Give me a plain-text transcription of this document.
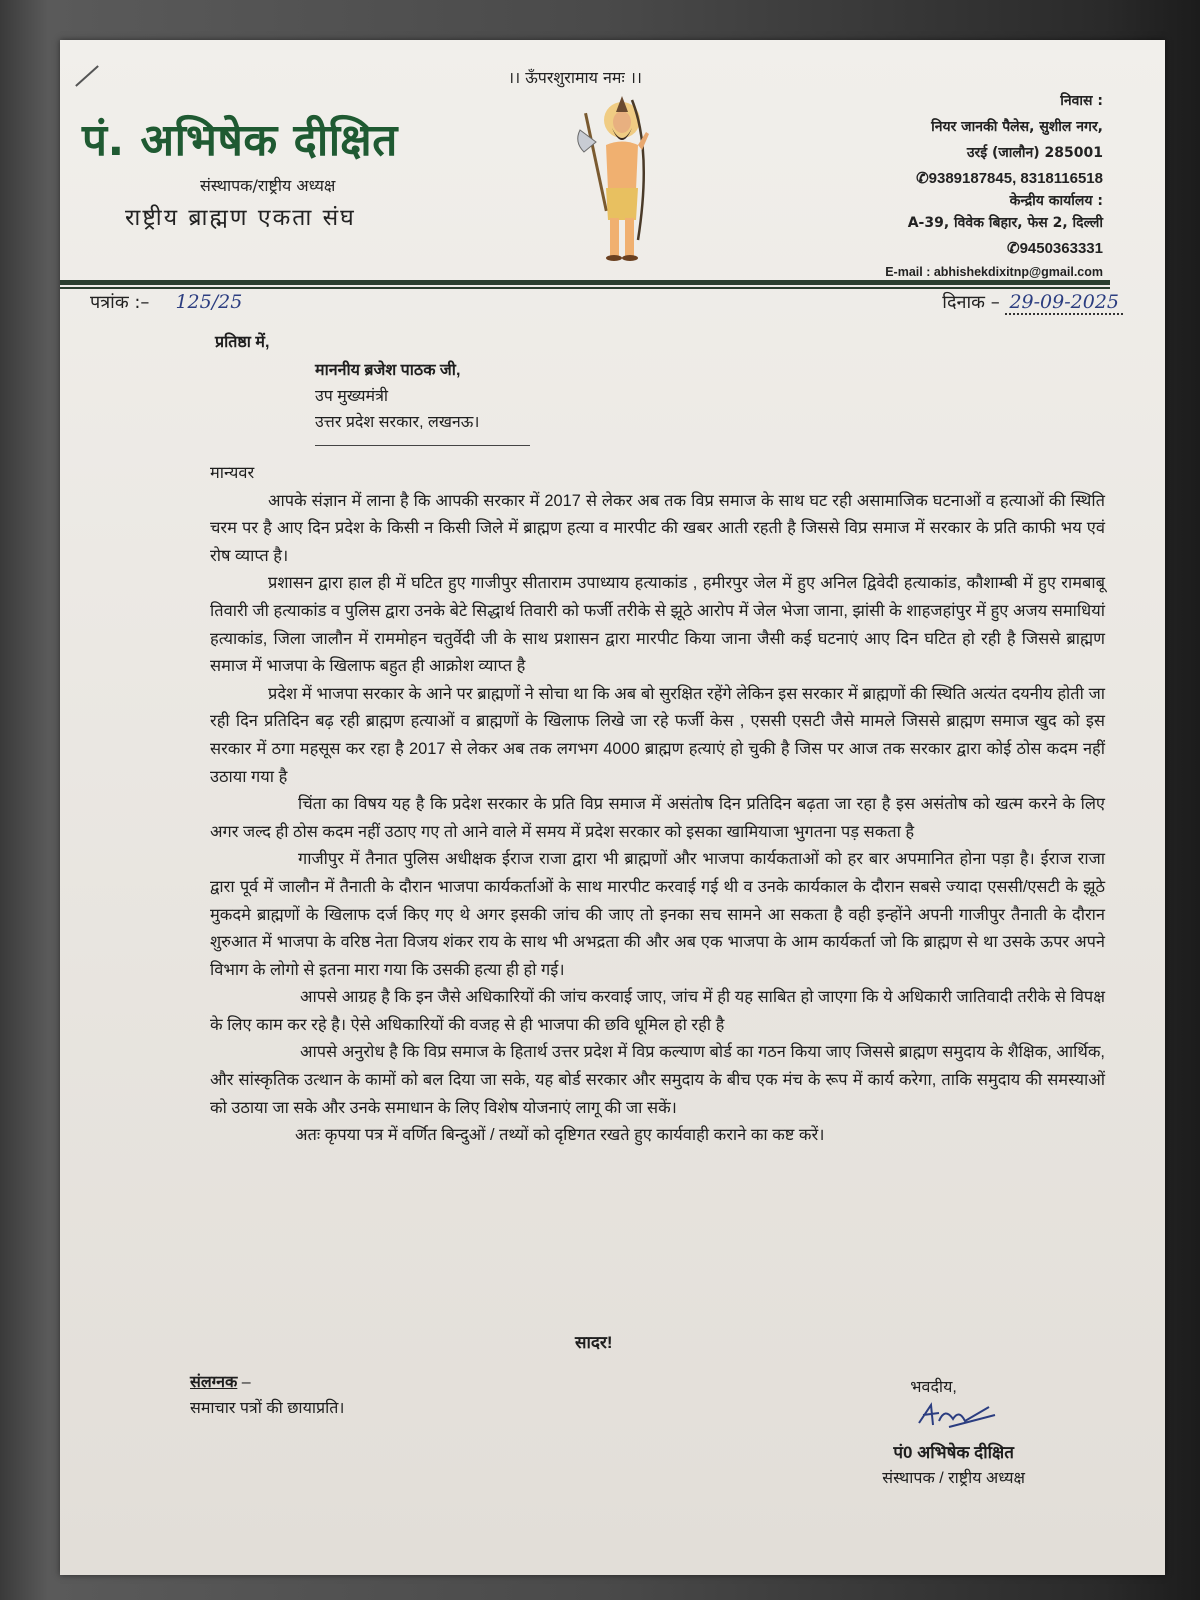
पं. अभिषेक दीक्षित
संस्थापक/राष्ट्रीय अध्यक्ष
राष्ट्रीय ब्राह्मण एकता संघ
।। ऊँपरशुरामाय नमः ।।
निवास :
नियर जानकी पैलेस, सुशील नगर,
उरई (जालौन) 285001
✆9389187845, 8318116518
केन्द्रीय कार्यालय :
A-39, विवेक बिहार, फेस 2, दिल्ली
✆9450363331
E-mail : abhishekdixitnp@gmail.com
पत्रांक :– 125/25	दिनाक – 29-09-2025
प्रतिष्ठा में,
माननीय ब्रजेश पाठक जी,
उप मुख्यमंत्री
उत्तर प्रदेश सरकार, लखनऊ।

मान्यवर

आपके संज्ञान में लाना है कि आपकी सरकार में 2017 से लेकर अब तक विप्र समाज के साथ घट रही असामाजिक घटनाओं व हत्याओं की स्थिति चरम पर है आए दिन प्रदेश के किसी न किसी जिले में ब्राह्मण हत्या व मारपीट की खबर आती रहती है जिससे विप्र समाज में सरकार के प्रति काफी भय एवं रोष व्याप्त है।

प्रशासन द्वारा हाल ही में घटित हुए गाजीपुर सीताराम उपाध्याय हत्याकांड , हमीरपुर जेल में हुए अनिल द्विवेदी हत्याकांड, कौशाम्बी में हुए रामबाबू तिवारी जी हत्याकांड व पुलिस द्वारा उनके बेटे सिद्धार्थ तिवारी को फर्जी तरीके से झूठे आरोप में जेल भेजा जाना, झांसी के शाहजहांपुर में हुए अजय समाधियां हत्याकांड, जिला जालौन में राममोहन चतुर्वेदी जी के साथ प्रशासन द्वारा मारपीट किया जाना जैसी कई घटनाएं आए दिन घटित हो रही है जिससे ब्राह्मण समाज में भाजपा के खिलाफ बहुत ही आक्रोश व्याप्त है

प्रदेश में भाजपा सरकार के आने पर ब्राह्मणों ने सोचा था कि अब बो सुरक्षित रहेंगे लेकिन इस सरकार में ब्राह्मणों की स्थिति अत्यंत दयनीय होती जा रही दिन प्रतिदिन बढ़ रही ब्राह्मण हत्याओं व ब्राह्मणों के खिलाफ लिखे जा रहे फर्जी केस , एससी एसटी जैसे मामले जिससे ब्राह्मण समाज खुद को इस सरकार में ठगा महसूस कर रहा है 2017 से लेकर अब तक लगभग 4000 ब्राह्मण हत्याएं हो चुकी है जिस पर आज तक सरकार द्वारा कोई ठोस कदम नहीं उठाया गया है

चिंता का विषय यह है कि प्रदेश सरकार के प्रति विप्र समाज में असंतोष दिन प्रतिदिन बढ़ता जा रहा है इस असंतोष को खत्म करने के लिए अगर जल्द ही ठोस कदम नहीं उठाए गए तो आने वाले में समय में प्रदेश सरकार को इसका खामियाजा भुगतना पड़ सकता है

गाजीपुर में तैनात पुलिस अधीक्षक ईराज राजा द्वारा भी ब्राह्मणों और भाजपा कार्यकताओं को हर बार अपमानित होना पड़ा है। ईराज राजा द्वारा पूर्व में जालौन में तैनाती के दौरान भाजपा कार्यकर्ताओं के साथ मारपीट करवाई गई थी व उनके कार्यकाल के दौरान सबसे ज्यादा एससी/एसटी के झूठे मुकदमे ब्राह्मणों के खिलाफ दर्ज किए गए थे अगर इसकी जांच की जाए तो इनका सच सामने आ सकता है वही इन्होंने अपनी गाजीपुर तैनाती के दौरान शुरुआत में भाजपा के वरिष्ठ नेता विजय शंकर राय के साथ भी अभद्रता की और अब एक भाजपा के आम कार्यकर्ता जो कि ब्राह्मण से था उसके ऊपर अपने विभाग के लोगो से इतना मारा गया कि उसकी हत्या ही हो गई।

आपसे आग्रह है कि इन जैसे अधिकारियों की जांच करवाई जाए, जांच में ही यह साबित हो जाएगा कि ये अधिकारी जातिवादी तरीके से विपक्ष के लिए काम कर रहे है। ऐसे अधिकारियों की वजह से ही भाजपा की छवि धूमिल हो रही है

आपसे अनुरोध है कि विप्र समाज के हितार्थ उत्तर प्रदेश में विप्र कल्याण बोर्ड का गठन किया जाए जिससे ब्राह्मण समुदाय के शैक्षिक, आर्थिक, और सांस्कृतिक उत्थान के कामों को बल दिया जा सके, यह बोर्ड सरकार और समुदाय के बीच एक मंच के रूप में कार्य करेगा, ताकि समुदाय की समस्याओं को उठाया जा सके और उनके समाधान के लिए विशेष योजनाएं लागू की जा सकें।

अतः कृपया पत्र में वर्णित बिन्दुओं / तथ्यों को दृष्टिगत रखते हुए कार्यवाही कराने का कष्ट करें।

सादर!
संलग्नक –
समाचार पत्रों की छायाप्रति।
भवदीय,
पं0 अभिषेक दीक्षित
संस्थापक / राष्ट्रीय अध्यक्ष
